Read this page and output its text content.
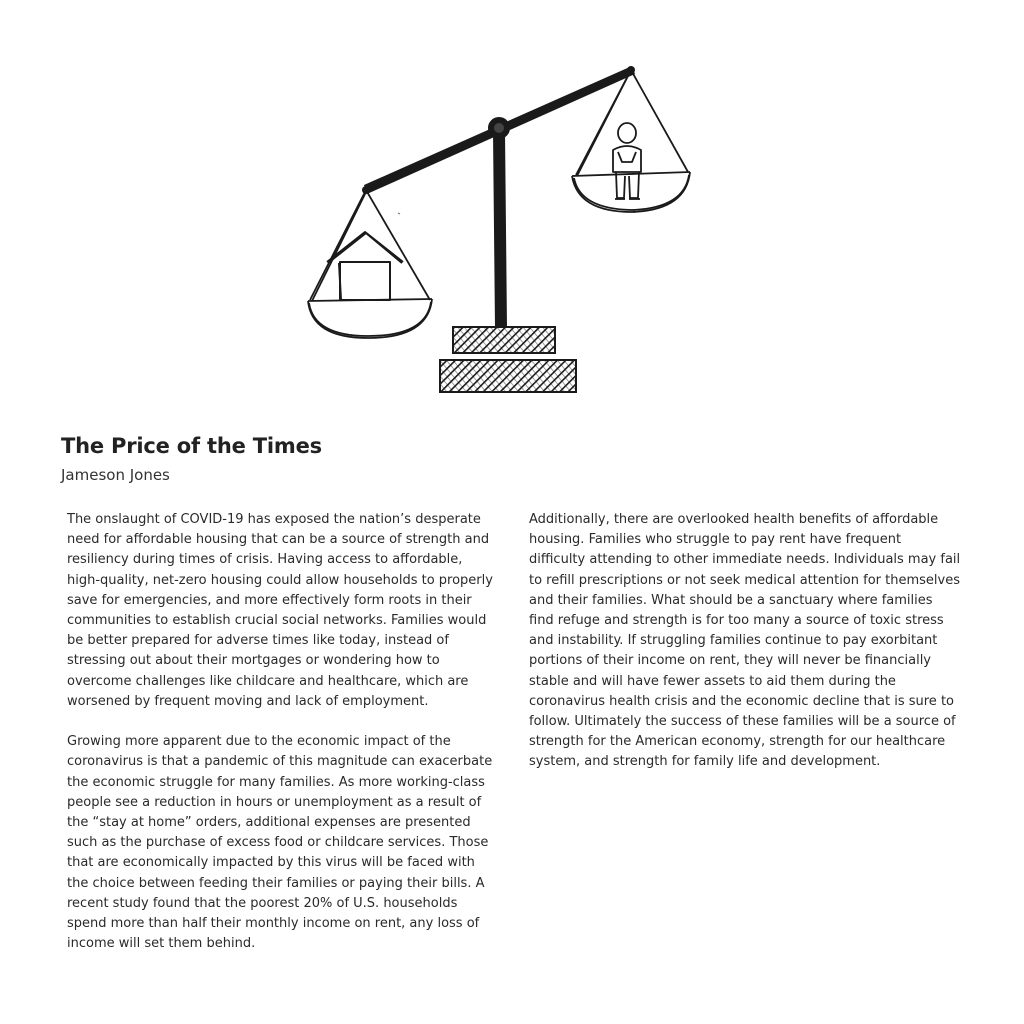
The Price of the Times
Jameson Jones

The onslaught of COVID-19 has exposed the nation’s desperate need for affordable housing that can be a source of strength and resiliency during times of crisis. Having access to affordable, high-quality, net-zero housing could allow households to properly save for emergencies, and more effectively form roots in their communities to establish crucial social networks. Families would be better prepared for adverse times like today, instead of stressing out about their mortgages or wondering how to overcome challenges like childcare and healthcare, which are worsened by frequent moving and lack of employment.

Growing more apparent due to the economic impact of the coronavirus is that a pandemic of this magnitude can exacerbate the economic struggle for many families. As more working-class people see a reduction in hours or unemployment as a result of the “stay at home” orders, additional expenses are presented such as the purchase of excess food or childcare services. Those that are economically impacted by this virus will be faced with the choice between feeding their families or paying their bills. A recent study found that the poorest 20% of U.S. households spend more than half their monthly income on rent, any loss of income will set them behind.

Additionally, there are overlooked health benefits of affordable housing. Families who struggle to pay rent have frequent difficulty attending to other immediate needs. Individuals may fail to refill prescriptions or not seek medical attention for themselves and their families. What should be a sanctuary where families find refuge and strength is for too many a source of toxic stress and instability. If struggling families continue to pay exorbitant portions of their income on rent, they will never be financially stable and will have fewer assets to aid them during the coronavirus health crisis and the economic decline that is sure to follow. Ultimately the success of these families will be a source of strength for the American economy, strength for our healthcare system, and strength for family life and development.
